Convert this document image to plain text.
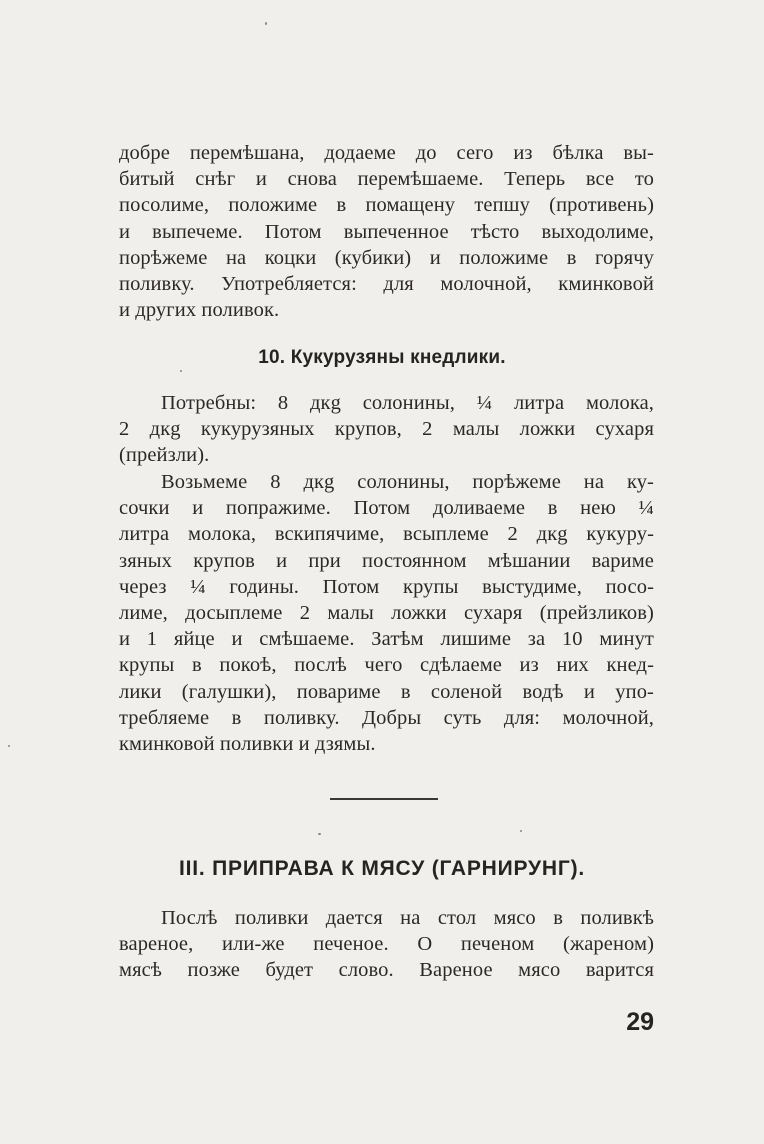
добре перемѣшана, додаеме до сего из бѣлка вы-
битый снѣг и снова перемѣшаеме. Теперь все то
посолиме, положиме в помащену тепшу (противень)
и выпечеме. Потом выпеченное тѣсто выходолиме,
порѣжеме на коцки (кубики) и положиме в горячу
поливку. Употребляется: для молочной, кминковой
и других поливок.
10. Кукурузяны кнедлики.
Потребны: 8 дкg солонины, ¼ литра молока,
2 дкg кукурузяных крупов, 2 малы ложки сухаря
(прейзли).
Возьмеме 8 дкg солонины, порѣжеме на ку-
сочки и попражиме. Потом доливаеме в нею ¼
литра молока, вскипячиме, всыплеме 2 дкg кукуру-
зяных крупов и при постоянном мѣшании вариме
через ¼ годины. Потом крупы выстудиме, посо-
лиме, досыплеме 2 малы ложки сухаря (прейзликов)
и 1 яйце и смѣшаеме. Затѣм лишиме за 10 минут
крупы в покоѣ, послѣ чего сдѣлаеме из них кнед-
лики (галушки), повариме в соленой водѣ и упо-
требляеме в поливку. Добры суть для: молочной,
кминковой поливки и дзямы.
III. ПРИПРАВА К МЯСУ (ГАРНИРУНГ).
Послѣ поливки дается на стол мясо в поливкѣ
вареное, или-же печеное. О печеном (жареном)
мясѣ позже будет слово. Вареное мясо варится
29
